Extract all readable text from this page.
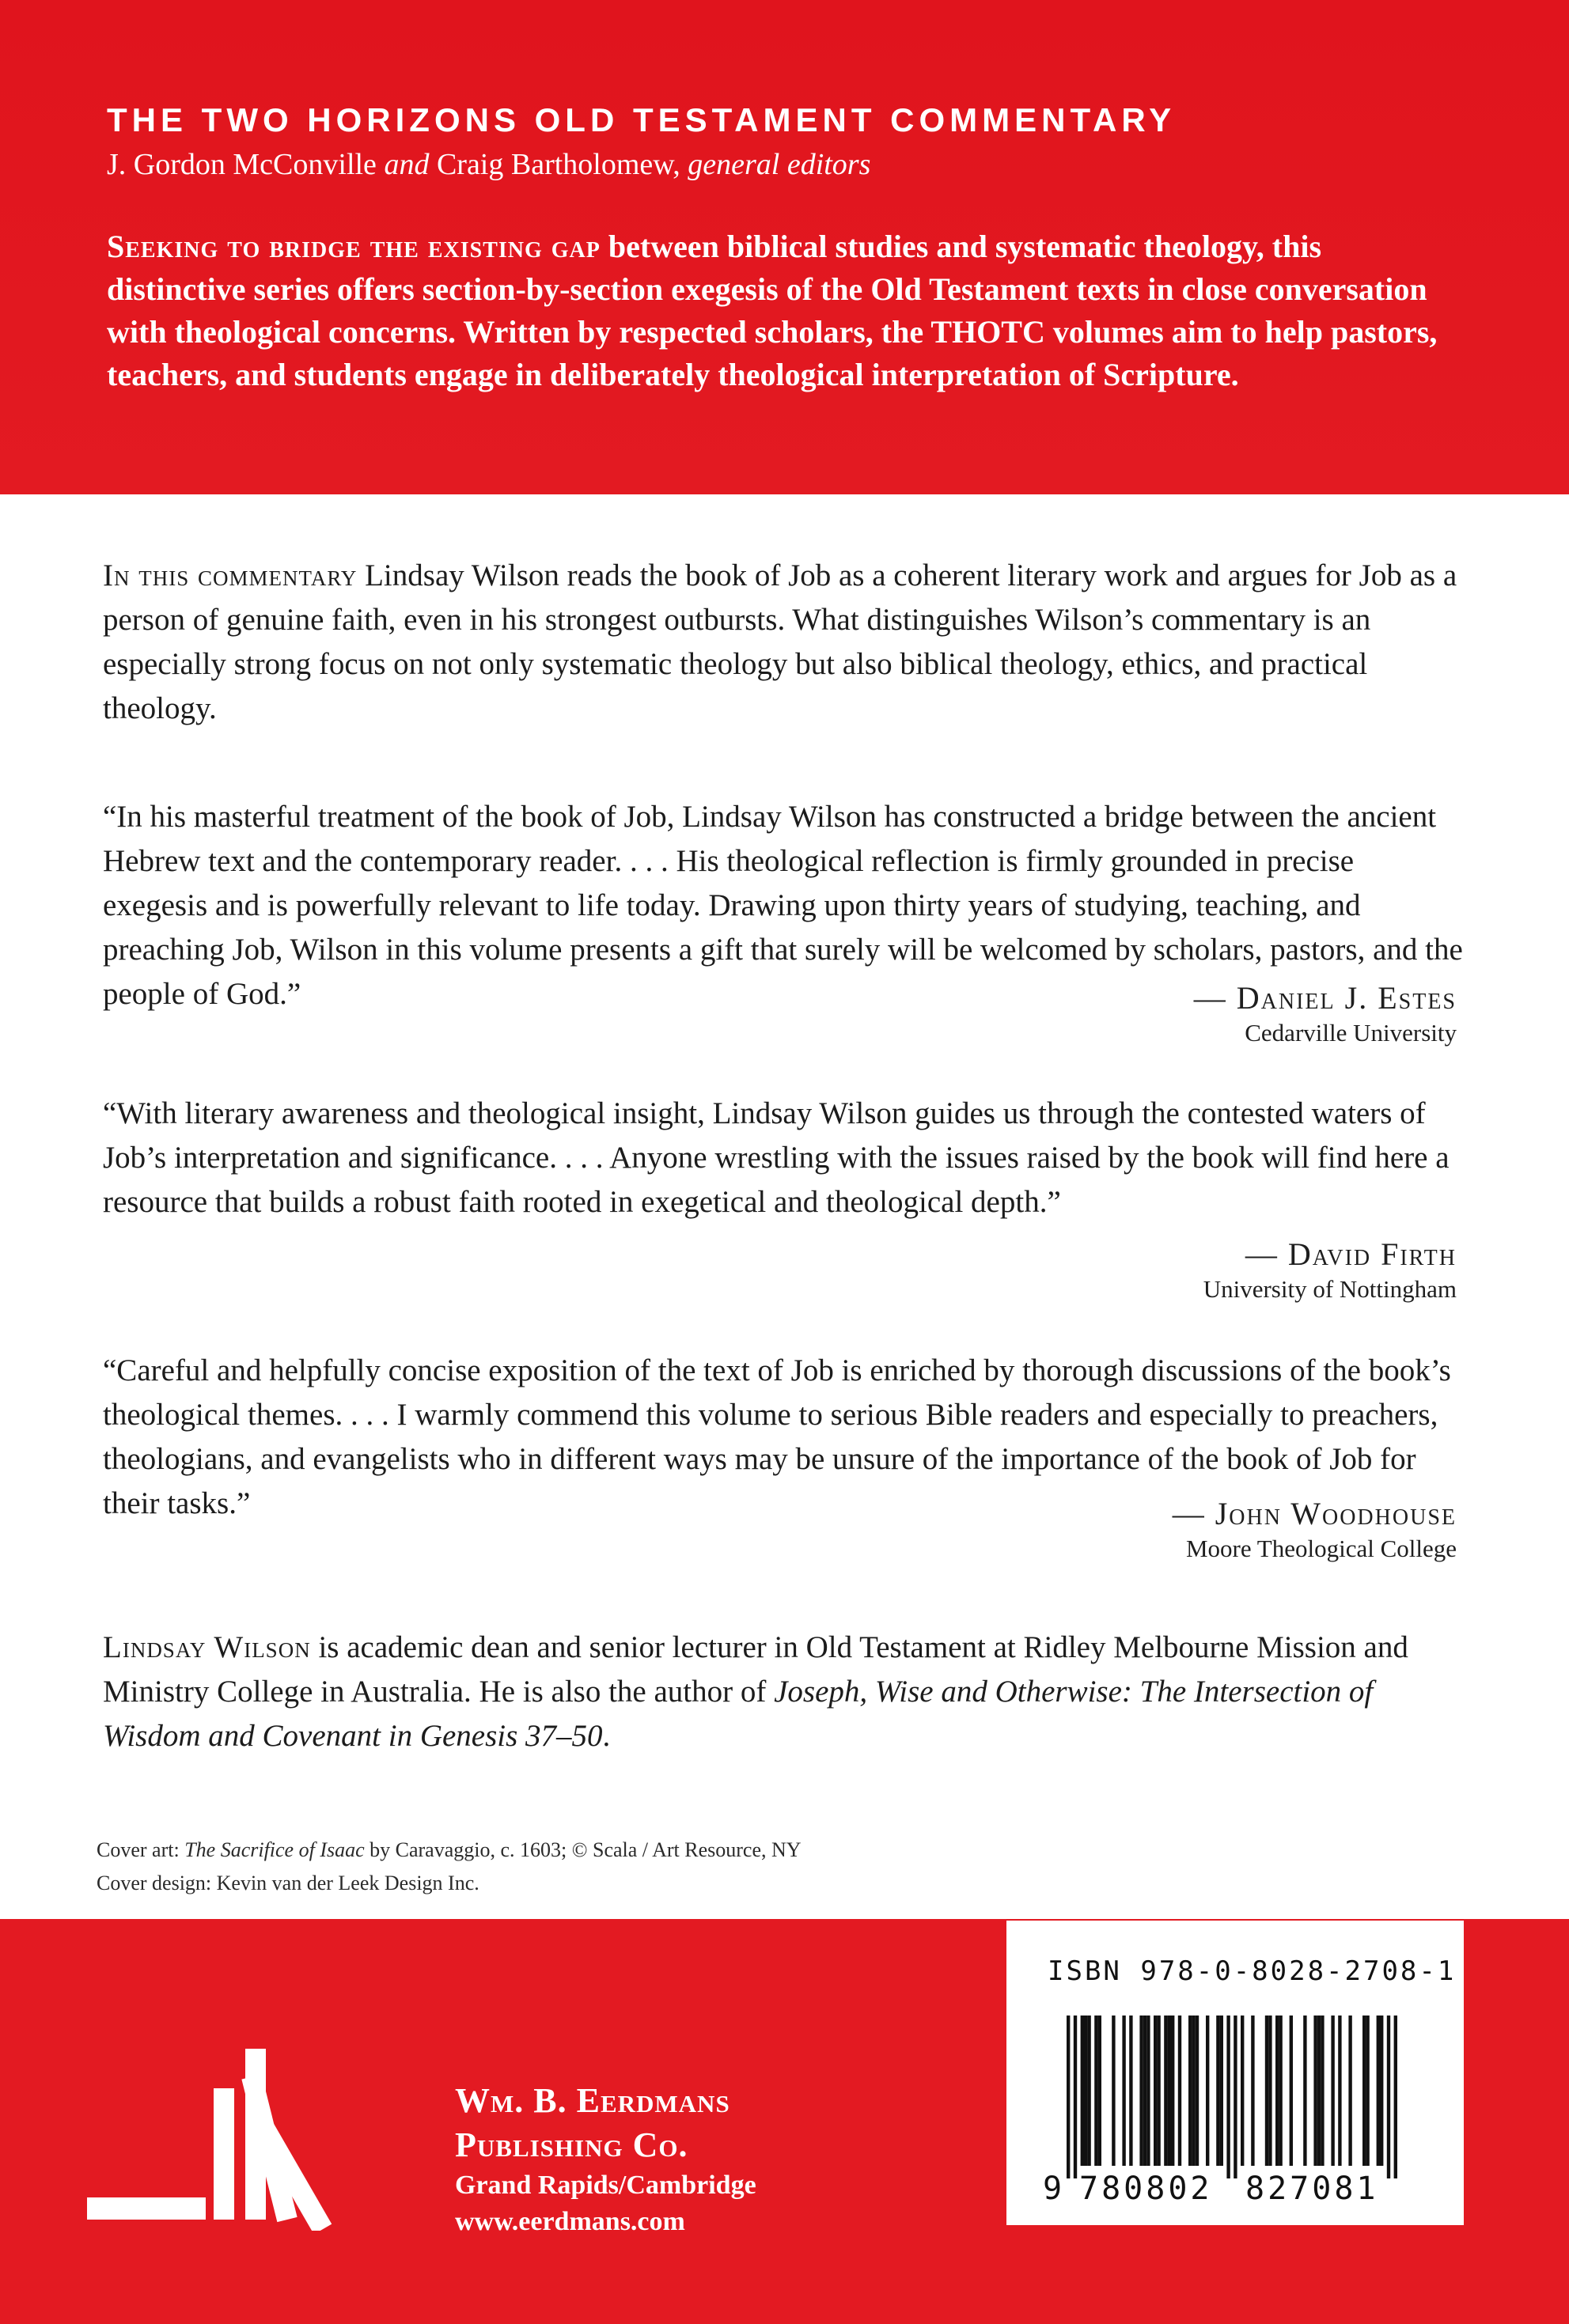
THE TWO HORIZONS OLD TESTAMENT COMMENTARY
J. Gordon McConville and Craig Bartholomew, general editors
Seeking to bridge the existing gap between biblical studies and systematic theology, this distinctive series offers section-by-section exegesis of the Old Testament texts in close conversation with theological concerns. Written by respected scholars, the THOTC volumes aim to help pastors, teachers, and students engage in deliberately theological interpretation of Scripture.
In this commentary Lindsay Wilson reads the book of Job as a coherent literary work and argues for Job as a person of genuine faith, even in his strongest outbursts. What distinguishes Wilson’s commentary is an especially strong focus on not only systematic theology but also biblical theology, ethics, and practical theology.
“In his masterful treatment of the book of Job, Lindsay Wilson has constructed a bridge between the ancient Hebrew text and the contemporary reader. . . . His theological reflection is firmly grounded in precise exegesis and is powerfully relevant to life today. Drawing upon thirty years of studying, teaching, and preaching Job, Wilson in this volume presents a gift that surely will be welcomed by scholars, pastors, and the people of God.”	— Daniel J. Estes
Cedarville University
“With literary awareness and theological insight, Lindsay Wilson guides us through the contested waters of Job’s interpretation and significance. . . . Anyone wrestling with the issues raised by the book will find here a resource that builds a robust faith rooted in exegetical and theological depth.”
— David Firth
University of Nottingham
“Careful and helpfully concise exposition of the text of Job is enriched by thorough discussions of the book’s theological themes. . . . I warmly commend this volume to serious Bible readers and especially to preachers, theologians, and evangelists who in different ways may be unsure of the importance of the book of Job for their tasks.”	— John Woodhouse
Moore Theological College
Lindsay Wilson is academic dean and senior lecturer in Old Testament at Ridley Melbourne Mission and Ministry College in Australia. He is also the author of Joseph, Wise and Otherwise: The Intersection of Wisdom and Covenant in Genesis 37–50.
Cover art: The Sacrifice of Isaac by Caravaggio, c. 1603; © Scala / Art Resource, NY
Cover design: Kevin van der Leek Design Inc.
Wm. B. Eerdmans
Publishing Co.
Grand Rapids/Cambridge
www.eerdmans.com
ISBN 978-0-8028-2708-1
9 780802 827081
